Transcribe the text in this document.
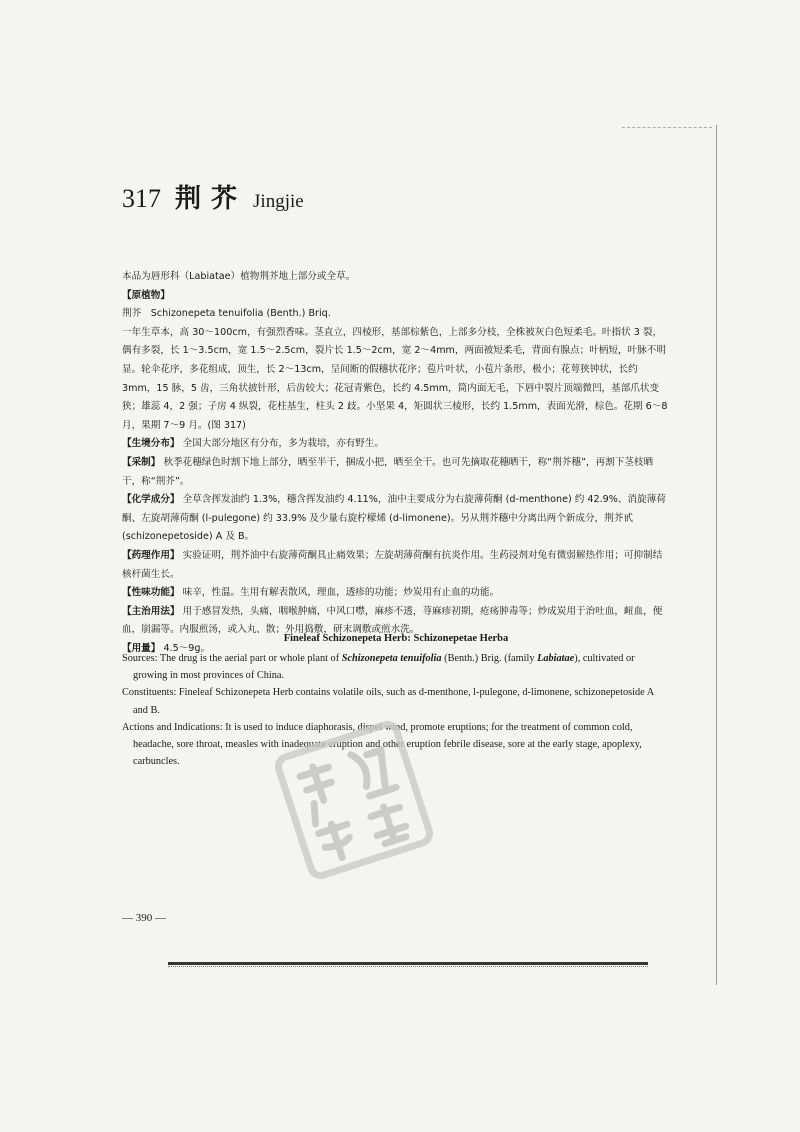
317 荆芥 Jingjie

本品为唇形科（Labiatae）植物荆芥地上部分或全草。

【原植物】

荆芥　Schizonepeta tenuifolia (Benth.) Briq.

一年生草本，高 30～100cm，有强烈香味。茎直立，四棱形，基部棕紫色，上部多分枝，全株被灰白色短柔毛。叶指状 3 裂，偶有多裂，长 1～3.5cm，宽 1.5～2.5cm，裂片长 1.5～2cm，宽 2～4mm，两面被短柔毛，背面有腺点；叶柄短，叶脉不明显。轮伞花序，多花组成，顶生，长 2～13cm，呈间断的假穗状花序；苞片叶状，小苞片条形，极小；花萼狭钟状，长约 3mm，15 脉，5 齿，三角状披针形，后齿较大；花冠青紫色，长约 4.5mm，筒内面无毛，下唇中裂片顶端微凹，基部爪状变狭；雄蕊 4，2 强；子房 4 纵裂，花柱基生，柱头 2 歧。小坚果 4，矩圆状三棱形，长约 1.5mm，表面光滑，棕色。花期 6～8 月，果期 7～9 月。(图 317)

【生境分布】 全国大部分地区有分布，多为栽培，亦有野生。

【采制】 秋季花穗绿色时割下地上部分，晒至半干，捆成小把，晒至全干。也可先摘取花穗晒干，称“荆芥穗”，再割下茎枝晒干，称“荆芥”。

【化学成分】 全草含挥发油约 1.3%，穗含挥发油约 4.11%，油中主要成分为右旋薄荷酮 (d-menthone) 约 42.9%、消旋薄荷酮、左旋胡薄荷酮 (l-pulegone) 约 33.9% 及少量右旋柠檬烯 (d-limonene)。另从荆芥穗中分离出两个新成分，荆芥甙 (schizonepetoside) A 及 B。

【药理作用】 实验证明，荆芥油中右旋薄荷酮具止痛效果；左旋胡薄荷酮有抗炎作用。生药浸剂对兔有微弱解热作用；可抑制结核杆菌生长。

【性味功能】 味辛，性温。生用有解表散风，理血，透疹的功能；炒炭用有止血的功能。

【主治用法】 用于感冒发热，头痛，咽喉肿痛，中风口噤，麻疹不透，荨麻疹初期，疮疡肿毒等；炒成炭用于治吐血，衄血，便血，崩漏等。内服煎汤，或入丸、散；外用捣敷，研末调敷或煎水洗。

【用量】 4.5～9g。

Fineleaf Schizonepeta Herb: Schizonepetae Herba

Sources: The drug is the aerial part or whole plant of Schizonepeta tenuifolia (Benth.) Brig. (family Labiatae), cultivated or growing in most provinces of China.

Constituents: Fineleaf Schizonepeta Herb contains volatile oils, such as d-menthone, l-pulegone, d-limonene, schizonepetoside A and B.

Actions and Indications: It is used to induce diaphorasis, dispel wind, promote eruptions; for the treatment of common cold, headache, sore throat, measles with inadequate eruption and other eruption febrile disease, sore at the early stage, apoplexy, carbuncles.

— 390 —
